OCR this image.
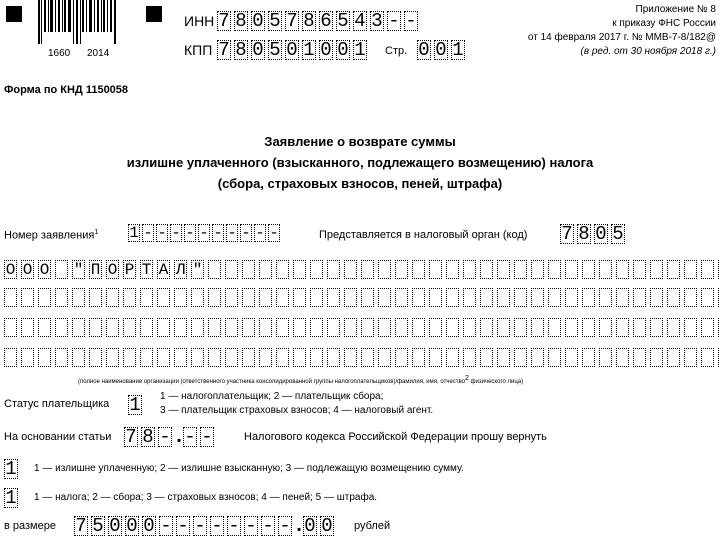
1660 2014
ИНН 7 8 0 5 7 8 6 5 4 3 - -
КПП 7 8 0 5 0 1 0 0 1	Стр. 0 0 1
Приложение № 8
к приказу ФНС России
от 14 февраля 2017 г. № ММВ-7-8/182@
(в ред. от 30 ноября 2018 г.)
Форма по КНД 1150058
Заявление о возврате суммы
излишне уплаченного (взысканного, подлежащего возмещению) налога
(сбора, страховых взносов, пеней, штрафа)
Номер заявления$^1$ 1 - - - - - - - - - -	Представляется в налоговый орган (код) 7 8 0 5
О О О " П О Р Т А Л "
(полное наименование организации (ответственного участника консолидированной группы налогоплательщиков)/фамилия, имя, отчество2 физического лица)
Статус плательщика 1	1 — налогоплательщик; 2 — плательщик сбора;
3 — плательщик страховых взносов; 4 — налоговый агент.
На основании статьи 7 8 - . - -	Налогового кодекса Российской Федерации прошу вернуть
1	1 — излишне уплаченную; 2 — излишне взысканную; 3 — подлежащую возмещению сумму.
1	1 — налога; 2 — сбора; 3 — страховых взносов; 4 — пеней; 5 — штрафа.
в размере 7 5 0 0 0 - - - - - - - - . 0 0	рублей
